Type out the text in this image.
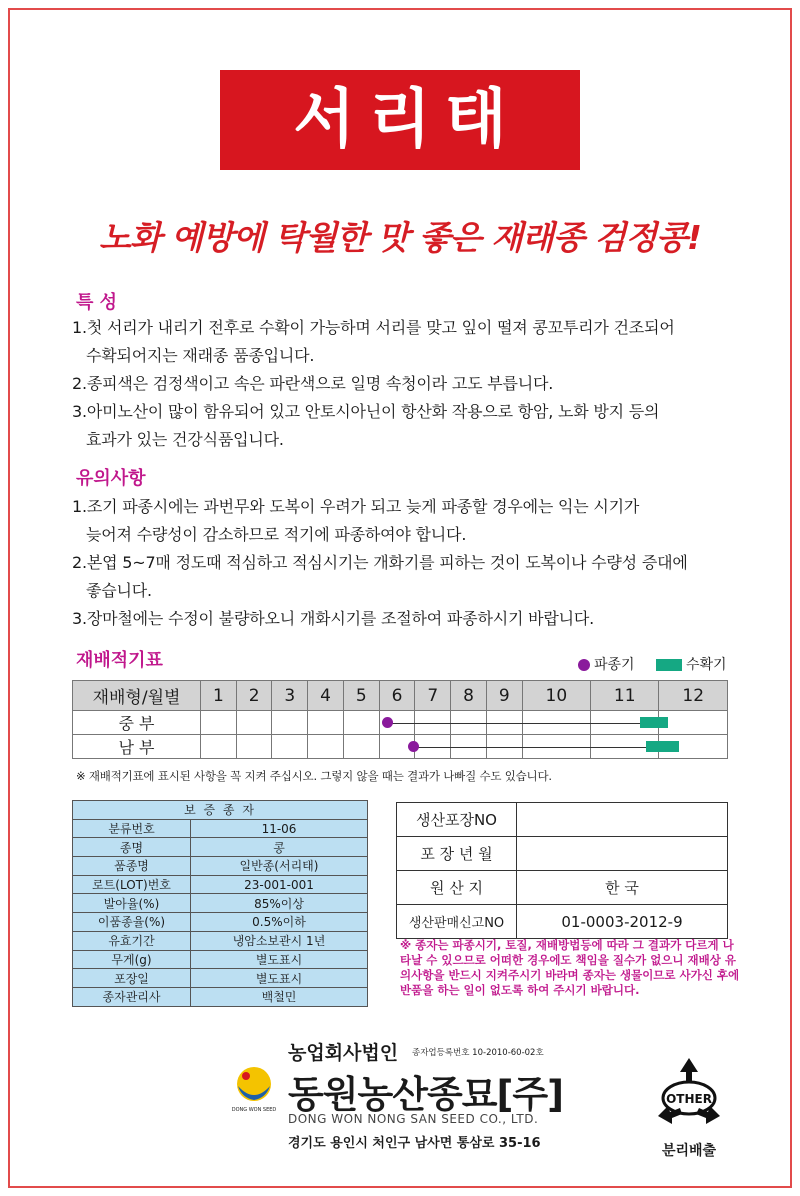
서리태
노화 예방에 탁월한 맛 좋은 재래종 검정콩!
특 성
1.첫 서리가 내리기 전후로 수확이 가능하며 서리를 맞고 잎이 떨져 콩꼬투리가 건조되어
수확되어지는 재래종 품종입니다.
2.종피색은 검정색이고 속은 파란색으로 일명 속청이라 고도 부릅니다.
3.아미노산이 많이 함유되어 있고 안토시아닌이 항산화 작용으로 항암, 노화 방지 등의
효과가 있는 건강식품입니다.
유의사항
1.조기 파종시에는 과번무와 도복이 우려가 되고 늦게 파종할 경우에는 익는 시기가
늦어져 수량성이 감소하므로 적기에 파종하여야 합니다.
2.본엽 5~7매 정도때 적심하고 적심시기는 개화기를 피하는 것이 도복이나 수량성 증대에
좋습니다.
3.장마철에는 수정이 불량하오니 개화시기를 조절하여 파종하시기 바랍니다.
재배적기표	파종기	수확기
재배형/월별	1	2	3	4	5	6	7	8	9	10	11	12
중 부												
남 부												
※ 재배적기표에 표시된 사항을 꼭 지켜 주십시오. 그렇지 않을 때는 결과가 나빠질 수도 있습니다.
보 증 종 자	
분류번호	11-06
종명	콩
품종명	일반종(서리태)
로트(LOT)번호	23-001-001
발아율(%)	85%이상
이품종율(%)	0.5%이하
유효기간	냉암소보관시 1년
무게(g)	별도표시
포장일	별도표시
종자관리사	백철민
생산포장NO	
포 장 년 월	
원 산 지	한 국
생산판매신고NO	01-0003-2012-9
※ 종자는 파종시기, 토질, 재배방법등에 따라 그 결과가 다르게 나타날 수 있으므로 어떠한 경우에도 책임을 질수가 없으니 재배상 유의사항을 반드시 지켜주시기 바라며 종자는 생물이므로 사가신 후에 반품을 하는 일이 없도록 하여 주시기 바랍니다.
농업회사법인 종자업등록번호 10-2010-60-02호
DONG WON SEED 동원농산종묘[주]
DONG WON NONG SAN SEED CO., LTD.
경기도 용인시 처인구 남사면 통삼로 35-16
OTHER
분리배출
